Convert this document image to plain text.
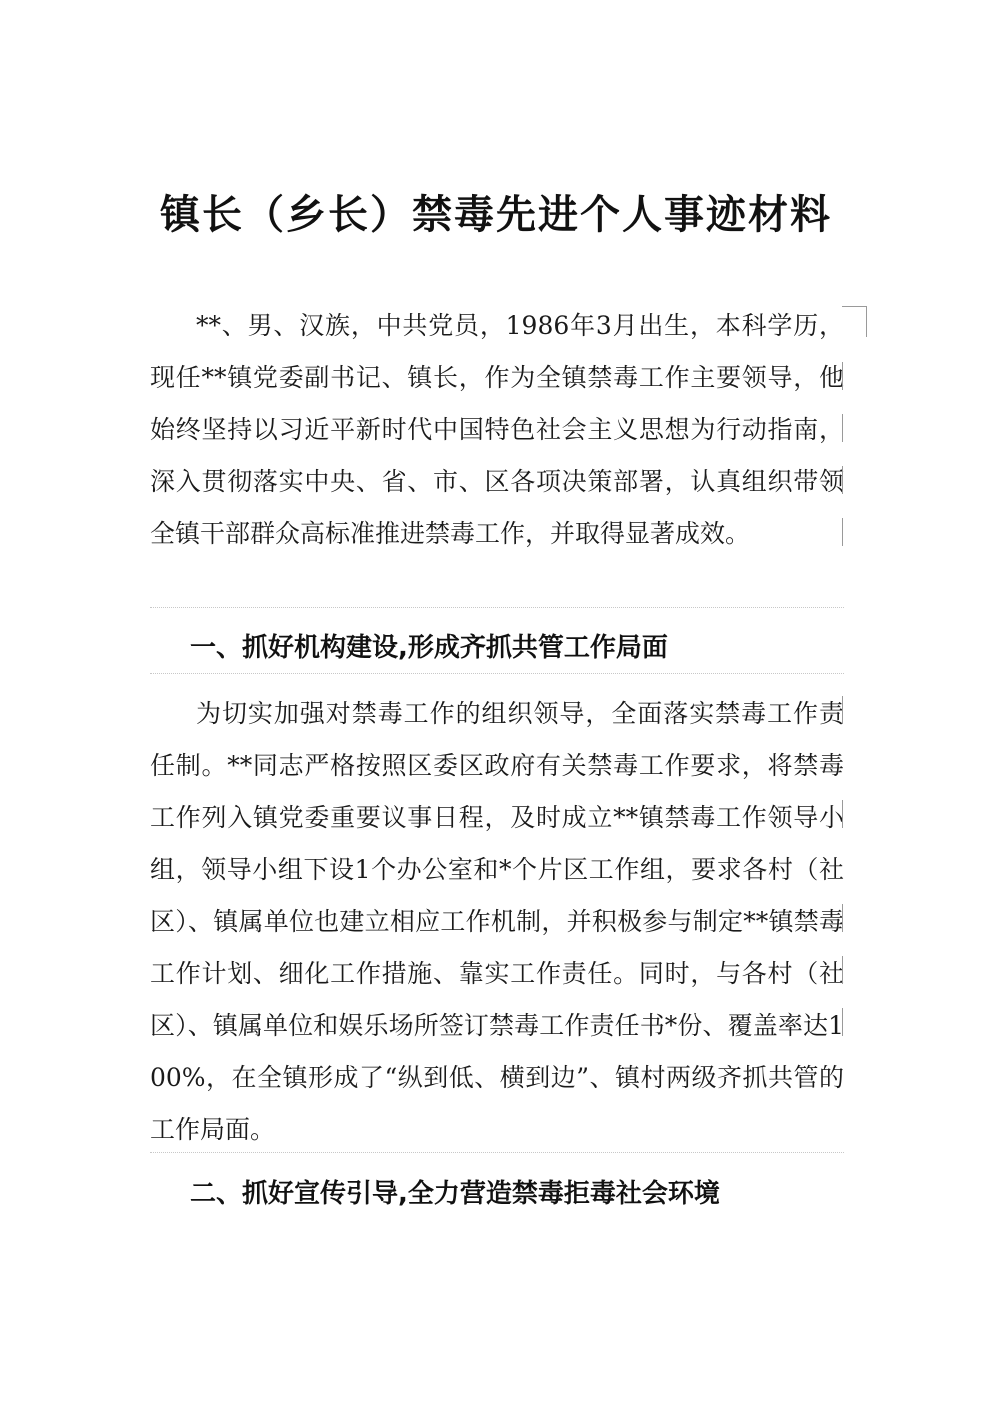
镇长（乡长）禁毒先进个人事迹材料

**、男、汉族，中共党员，1986年3月出生，本科学历，现任**镇党委副书记、镇长，作为全镇禁毒工作主要领导，他始终坚持以习近平新时代中国特色社会主义思想为行动指南，深入贯彻落实中央、省、市、区各项决策部署，认真组织带领全镇干部群众高标准推进禁毒工作，并取得显著成效。

一、抓好机构建设,形成齐抓共管工作局面

为切实加强对禁毒工作的组织领导，全面落实禁毒工作责任制。**同志严格按照区委区政府有关禁毒工作要求，将禁毒工作列入镇党委重要议事日程，及时成立**镇禁毒工作领导小组，领导小组下设1个办公室和*个片区工作组，要求各村（社区）、镇属单位也建立相应工作机制，并积极参与制定**镇禁毒工作计划、细化工作措施、靠实工作责任。同时，与各村（社区）、镇属单位和娱乐场所签订禁毒工作责任书*份、覆盖率达100%，在全镇形成了“纵到低、横到边”、镇村两级齐抓共管的工作局面。

二、抓好宣传引导,全力营造禁毒拒毒社会环境
